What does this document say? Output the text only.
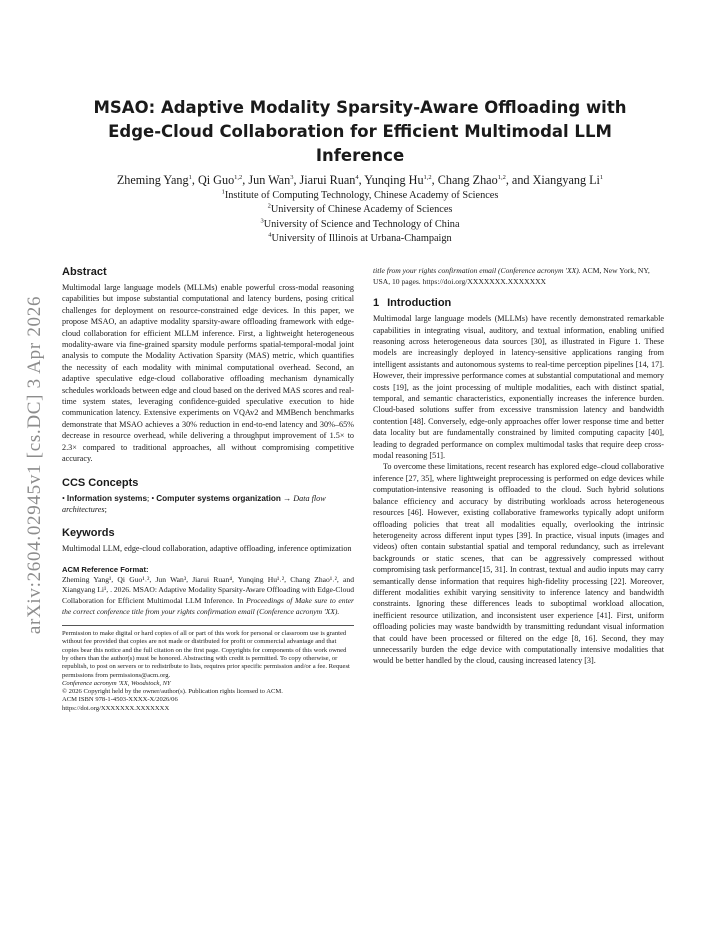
arXiv:2604.02945v1 [cs.DC] 3 Apr 2026
MSAO: Adaptive Modality Sparsity-Aware Offloading with
Edge-Cloud Collaboration for Efficient Multimodal LLM
Inference
Zheming Yang$^1$, Qi Guo$^{1,2}$, Jun Wan$^3$, Jiarui Ruan$^4$, Yunqing Hu$^{1,2}$, Chang Zhao$^{1,2}$, and Xiangyang Li$^1$
$^1$Institute of Computing Technology, Chinese Academy of Sciences
$^2$University of Chinese Academy of Sciences
$^3$University of Science and Technology of China
$^4$University of Illinois at Urbana-Champaign
Abstract

Multimodal large language models (MLLMs) enable powerful cross-modal reasoning capabilities but impose substantial computational and latency burdens, posing critical challenges for deployment on resource-constrained edge devices. In this paper, we propose MSAO, an adaptive modality sparsity-aware offloading framework with edge-cloud collaboration for efficient MLLM inference. First, a lightweight heterogeneous modality-aware via fine-grained sparsity module performs spatial-temporal-modal joint analysis to compute the Modality Activation Sparsity (MAS) metric, which quantifies the necessity of each modality with minimal computational overhead. Second, an adaptive speculative edge-cloud collaborative offloading mechanism dynamically schedules workloads between edge and cloud based on the derived MAS scores and real-time system states, leveraging confidence-guided speculative execution to hide communication latency. Extensive experiments on VQAv2 and MMBench benchmarks demonstrate that MSAO achieves a 30% reduction in end-to-end latency and 30%–65% decrease in resource overhead, while delivering a throughput improvement of 1.5× to 2.3× compared to traditional approaches, all without compromising competitive accuracy.

CCS Concepts

• Information systems; • Computer systems organization → Data flow architectures;

Keywords

Multimodal LLM, edge-cloud collaboration, adaptive offloading, inference optimization

ACM Reference Format:

Zheming Yang¹, Qi Guo¹˒², Jun Wan³, Jiarui Ruan⁴, Yunqing Hu¹˒², Chang Zhao¹˒², and Xiangyang Li¹, . 2026. MSAO: Adaptive Modality Sparsity-Aware Offloading with Edge-Cloud Collaboration for Efficient Multimodal LLM Inference. In Proceedings of Make sure to enter the correct conference title from your rights confirmation email (Conference acronym 'XX).

Permission to make digital or hard copies of all or part of this work for personal or classroom use is granted without fee provided that copies are not made or distributed for profit or commercial advantage and that copies bear this notice and the full citation on the first page. Copyrights for components of this work owned by others than the author(s) must be honored. Abstracting with credit is permitted. To copy otherwise, or republish, to post on servers or to redistribute to lists, requires prior specific permission and/or a fee. Request permissions from permissions@acm.org.
Conference acronym 'XX, Woodstock, NY
© 2026 Copyright held by the owner/author(s). Publication rights licensed to ACM.
ACM ISBN 978-1-4503-XXXX-X/2026/06
https://doi.org/XXXXXXX.XXXXXXX

title from your rights confirmation email (Conference acronym 'XX). ACM, New York, NY, USA, 10 pages. https://doi.org/XXXXXXX.XXXXXXX

1 Introduction

Multimodal large language models (MLLMs) have recently demonstrated remarkable capabilities in integrating visual, auditory, and textual information, enabling unified reasoning across heterogeneous data sources [30], as illustrated in Figure 1. These models are increasingly deployed in latency-sensitive applications ranging from intelligent assistants and autonomous systems to real-time perception pipelines [14, 17]. However, their impressive performance comes at substantial computational and memory costs [19], as the joint processing of multiple modalities, each with distinct spatial, temporal, and semantic characteristics, exponentially increases the inference burden. Cloud-based solutions suffer from excessive transmission latency and bandwidth contention [48]. Conversely, edge-only approaches offer lower response time and better data locality but are fundamentally constrained by limited computing capacity [40], leading to degraded performance on complex multimodal tasks that require deep cross-modal reasoning [51].

To overcome these limitations, recent research has explored edge–cloud collaborative inference [27, 35], where lightweight preprocessing is performed on edge devices while computation-intensive reasoning is offloaded to the cloud. Such hybrid solutions balance efficiency and accuracy by distributing workloads across heterogeneous resources [46]. However, existing collaborative frameworks typically adopt uniform offloading policies that treat all modalities equally, overlooking the intrinsic heterogeneity across different input types [39]. In practice, visual inputs (images and videos) often contain substantial spatial and temporal redundancy, such as irrelevant backgrounds or static scenes, that can be aggressively compressed without compromising task performance[15, 31]. In contrast, textual and audio inputs may carry semantically dense information that requires high-fidelity processing [22]. Moreover, different modalities exhibit varying sensitivity to inference latency and bandwidth constraints. Ignoring these differences leads to suboptimal workload allocation, inefficient resource utilization, and inconsistent user experience [41]. First, uniform offloading policies may waste bandwidth by transmitting redundant visual information that could have been processed or filtered on the edge [8, 16]. Second, they may unnecessarily burden the edge device with computationally intensive modalities that would be better handled by the cloud, causing increased latency [3].
